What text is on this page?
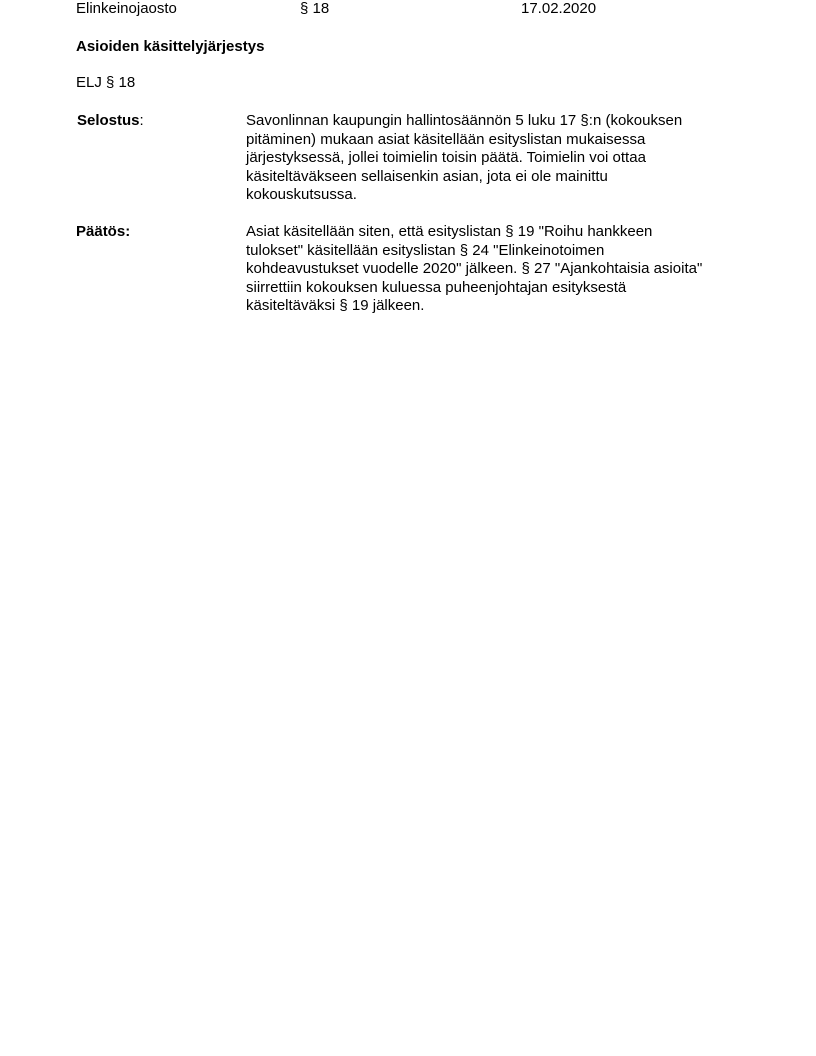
Elinkeinojaosto	§ 18	17.02.2020
Asioiden käsittelyjärjestys
ELJ § 18
Selostus:	Savonlinnan kaupungin hallintosäännön 5 luku 17 §:n (kokouksen
pitäminen) mukaan asiat käsitellään esityslistan mukaisessa
järjestyksessä, jollei toimielin toisin päätä. Toimielin voi ottaa
käsiteltäväkseen sellaisenkin asian, jota ei ole mainittu
kokouskutsussa.
Päätös:	Asiat käsitellään siten, että esityslistan § 19 "Roihu hankkeen
tulokset" käsitellään esityslistan § 24 "Elinkeinotoimen
kohdeavustukset vuodelle 2020" jälkeen. § 27 "Ajankohtaisia asioita"
siirrettiin kokouksen kuluessa puheenjohtajan esityksestä
käsiteltäväksi § 19 jälkeen.
